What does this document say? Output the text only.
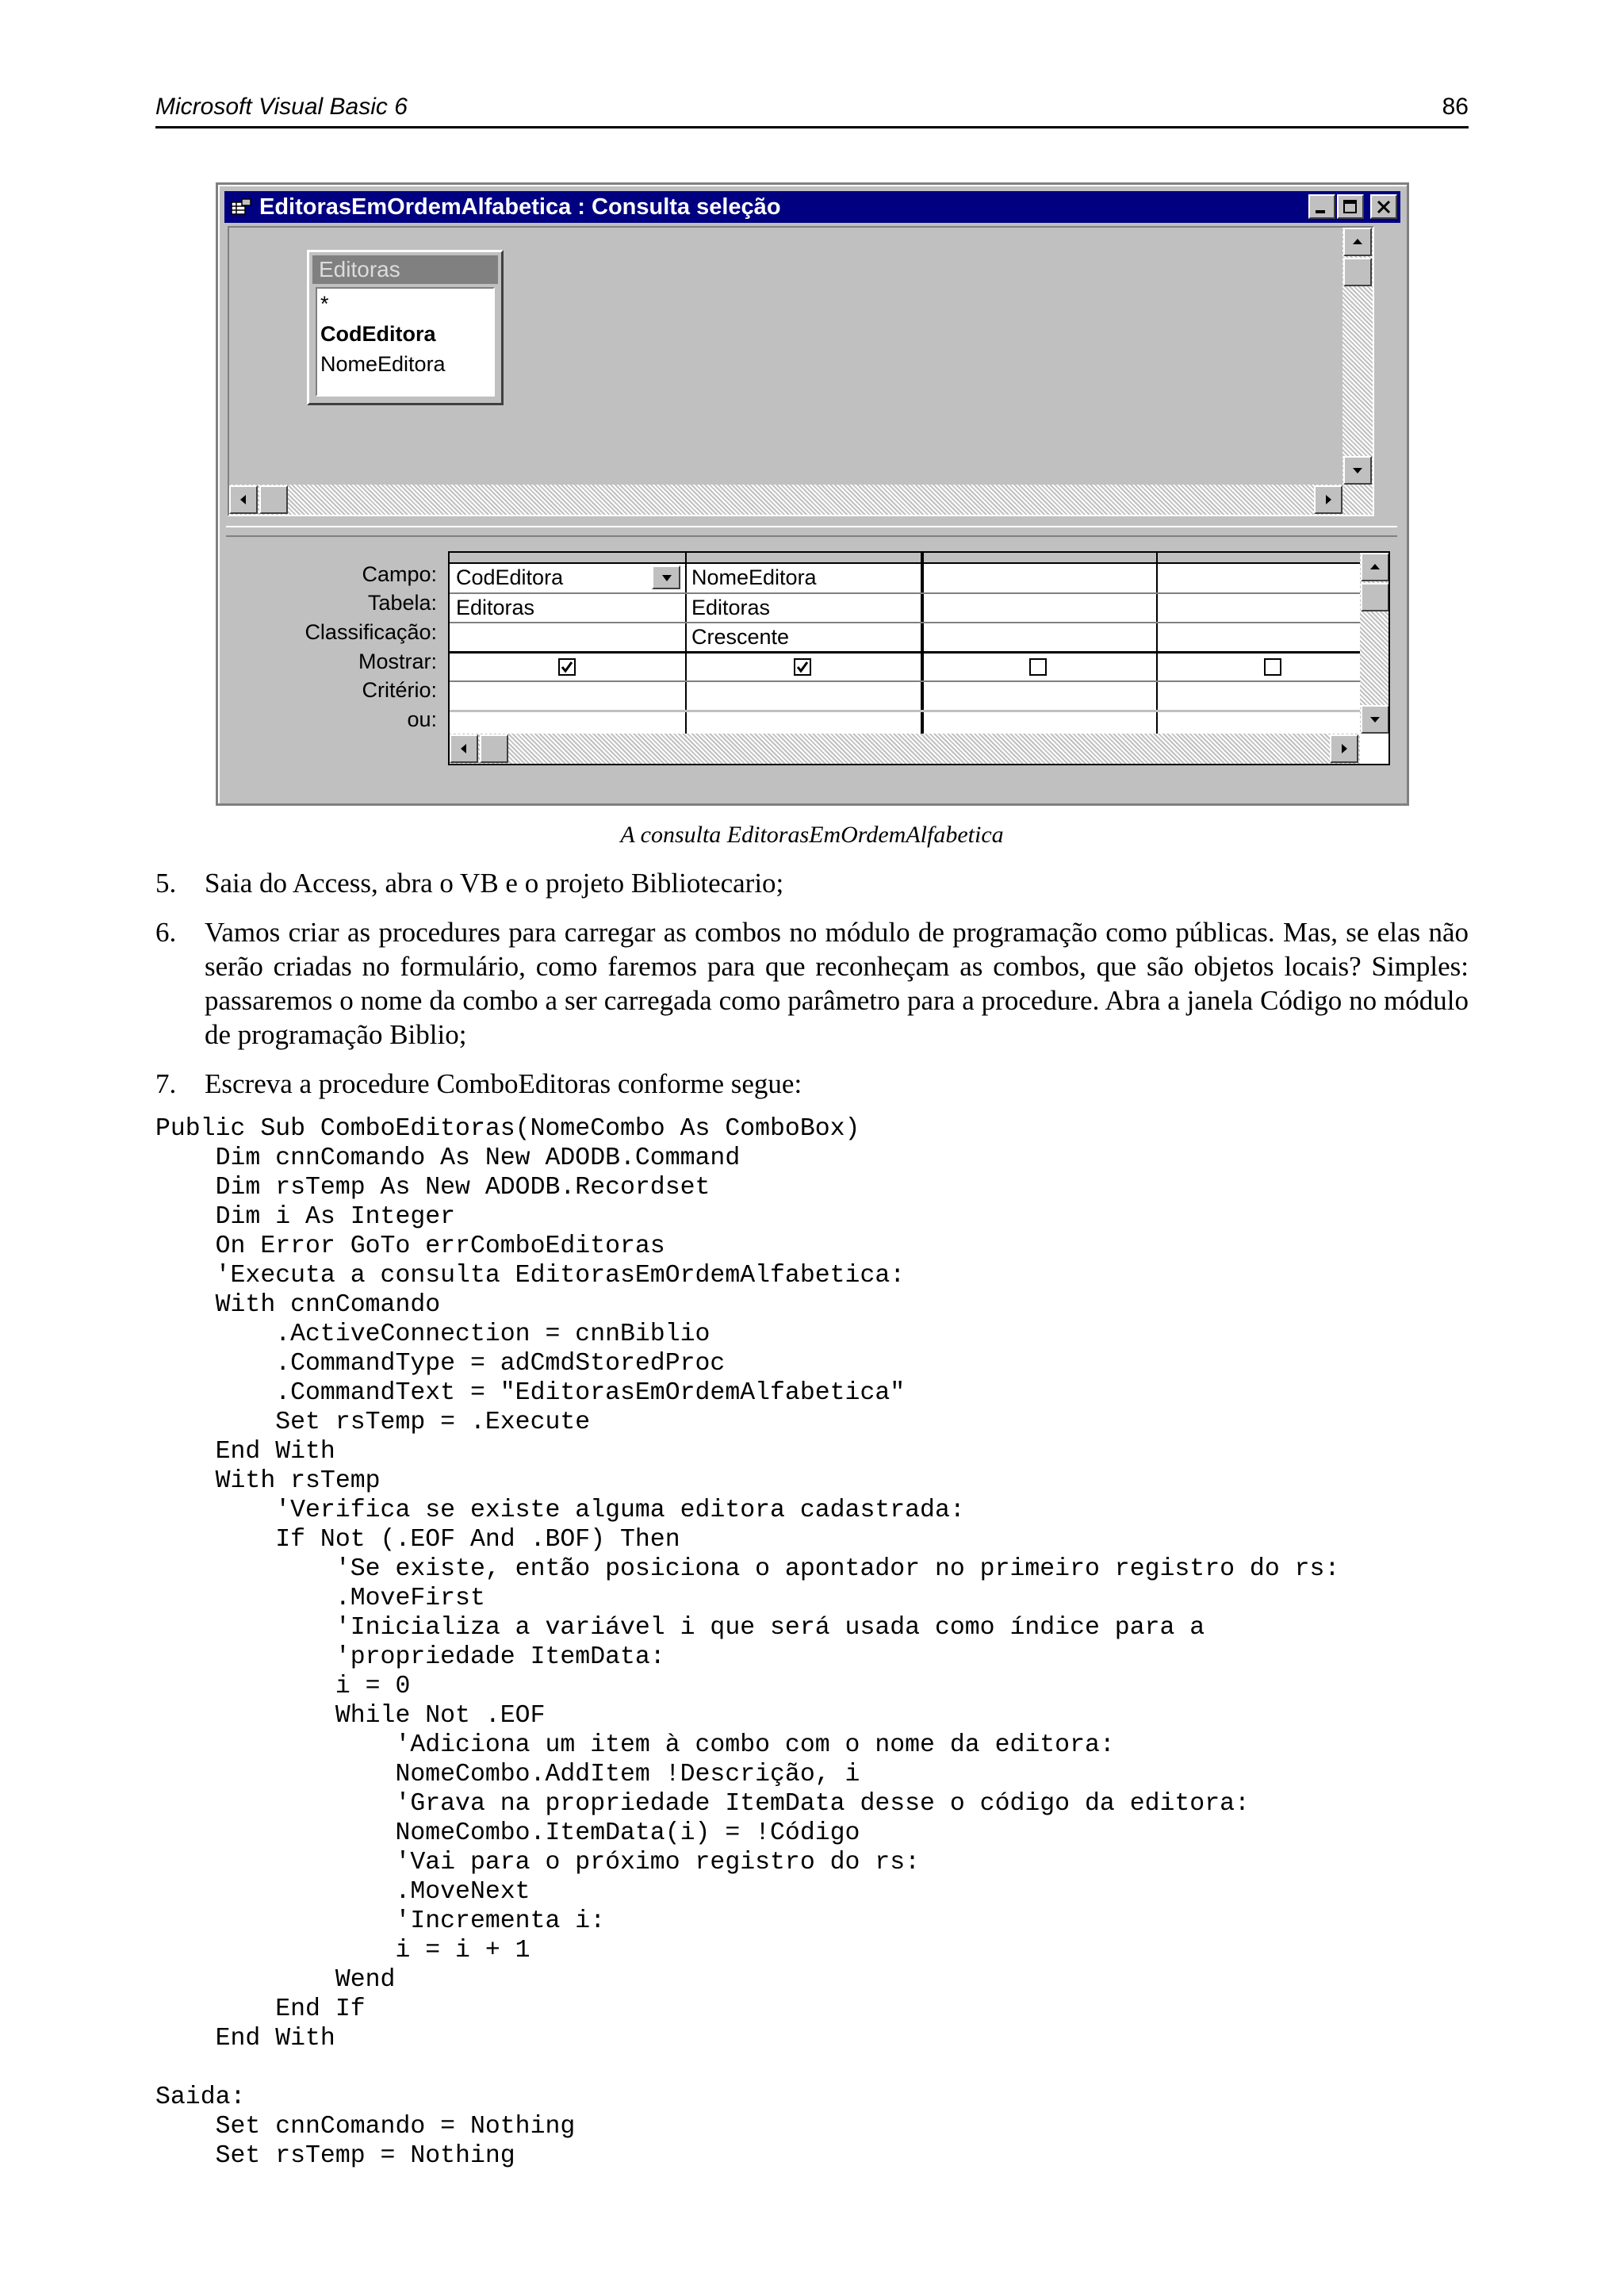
Microsoft Visual Basic 6	86
EditorasEmOrdemAlfabetica : Consulta seleção
Editoras
*
CodEditora
NomeEditora
Campo:
Tabela:
Classificação:
Mostrar:
Critério:
ou:
CodEditora
Editoras
NomeEditora
Editoras
Crescente
A consulta EditorasEmOrdemAlfabetica
5. Saia do Access, abra o VB e o projeto Bibliotecario;
6. Vamos criar as procedures para carregar as combos no módulo de programação como públicas. Mas, se elas não serão criadas no formulário, como faremos para que reconheçam as combos, que são objetos locais? Simples: passaremos o nome da combo a ser carregada como parâmetro para a procedure. Abra a janela Código no módulo de programação Biblio;
7. Escreva a procedure ComboEditoras conforme segue:
Public Sub ComboEditoras(NomeCombo As ComboBox)
Dim cnnComando As New ADODB.Command
Dim rsTemp As New ADODB.Recordset
Dim i As Integer
On Error GoTo errComboEditoras
'Executa a consulta EditorasEmOrdemAlfabetica:
With cnnComando
.ActiveConnection = cnnBiblio
.CommandType = adCmdStoredProc
.CommandText = "EditorasEmOrdemAlfabetica"
Set rsTemp = .Execute
End With
With rsTemp
'Verifica se existe alguma editora cadastrada:
If Not (.EOF And .BOF) Then
'Se existe, então posiciona o apontador no primeiro registro do rs:
.MoveFirst
'Inicializa a variável i que será usada como índice para a
'propriedade ItemData:
i = 0
While Not .EOF
'Adiciona um item à combo com o nome da editora:
NomeCombo.AddItem !Descrição, i
'Grava na propriedade ItemData desse o código da editora:
NomeCombo.ItemData(i) = !Código
'Vai para o próximo registro do rs:
.MoveNext
'Incrementa i:
i = i + 1
Wend
End If
End With

Saida:
Set cnnComando = Nothing
Set rsTemp = Nothing
